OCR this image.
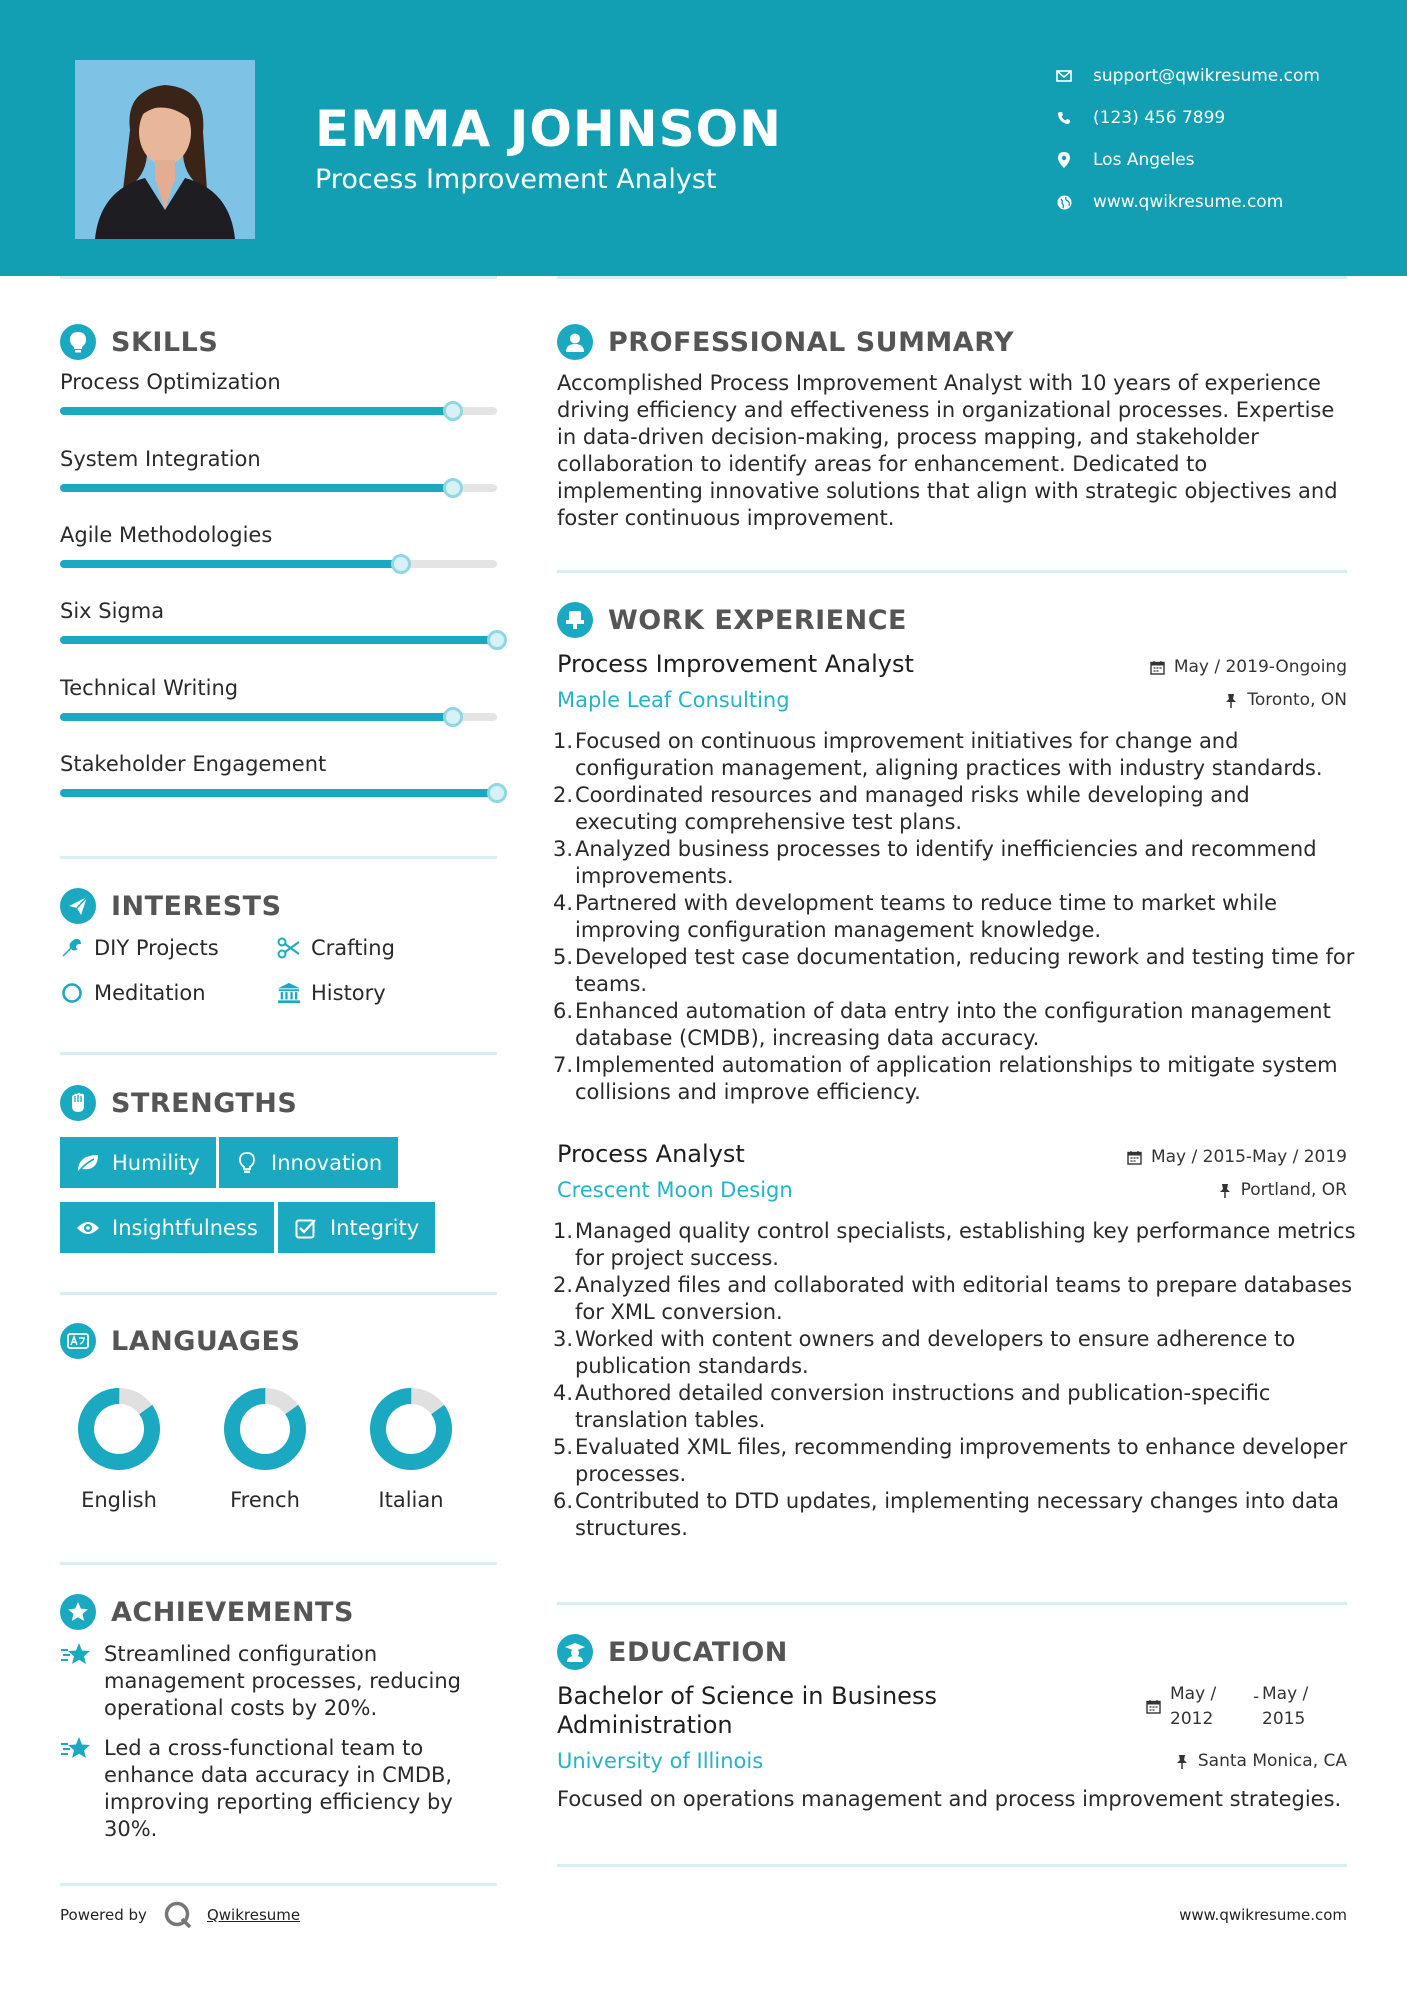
EMMA JOHNSON
Process Improvement Analyst
support@qwikresume.com
(123) 456 7899
Los Angeles
www.qwikresume.com
SKILLS
Process Optimization
System Integration
Agile Methodologies
Six Sigma
Technical Writing
Stakeholder Engagement
INTERESTS
DIY Projects	Crafting
Meditation	History
STRENGTHS
Humility	Innovation
Insightfulness	Integrity
LANGUAGES
English	French	Italian
ACHIEVEMENTS
Streamlined configuration management processes, reducing operational costs by 20%.
Led a cross-functional team to enhance data accuracy in CMDB, improving reporting efficiency by 30%.
PROFESSIONAL SUMMARY
Accomplished Process Improvement Analyst with 10 years of experience driving efficiency and effectiveness in organizational processes. Expertise in data-driven decision-making, process mapping, and stakeholder collaboration to identify areas for enhancement. Dedicated to implementing innovative solutions that align with strategic objectives and foster continuous improvement.
WORK EXPERIENCE
Process Improvement Analyst	May / 2019-Ongoing
Maple Leaf Consulting	Toronto, ON
1. Focused on continuous improvement initiatives for change and configuration management, aligning practices with industry standards.
2. Coordinated resources and managed risks while developing and executing comprehensive test plans.
3. Analyzed business processes to identify inefficiencies and recommend improvements.
4. Partnered with development teams to reduce time to market while improving configuration management knowledge.
5. Developed test case documentation, reducing rework and testing time for teams.
6. Enhanced automation of data entry into the configuration management database (CMDB), increasing data accuracy.
7. Implemented automation of application relationships to mitigate system collisions and improve efficiency.
Process Analyst	May / 2015-May / 2019
Crescent Moon Design	Portland, OR
1. Managed quality control specialists, establishing key performance metrics for project success.
2. Analyzed files and collaborated with editorial teams to prepare databases for XML conversion.
3. Worked with content owners and developers to ensure adherence to publication standards.
4. Authored detailed conversion instructions and publication-specific translation tables.
5. Evaluated XML files, recommending improvements to enhance developer processes.
6. Contributed to DTD updates, implementing necessary changes into data structures.
EDUCATION
Bachelor of Science in Business
Administration
May /
2012
- May /
2015
University of Illinois	Santa Monica, CA
Focused on operations management and process improvement strategies.
Powered by	Qwikresume	www.qwikresume.com
